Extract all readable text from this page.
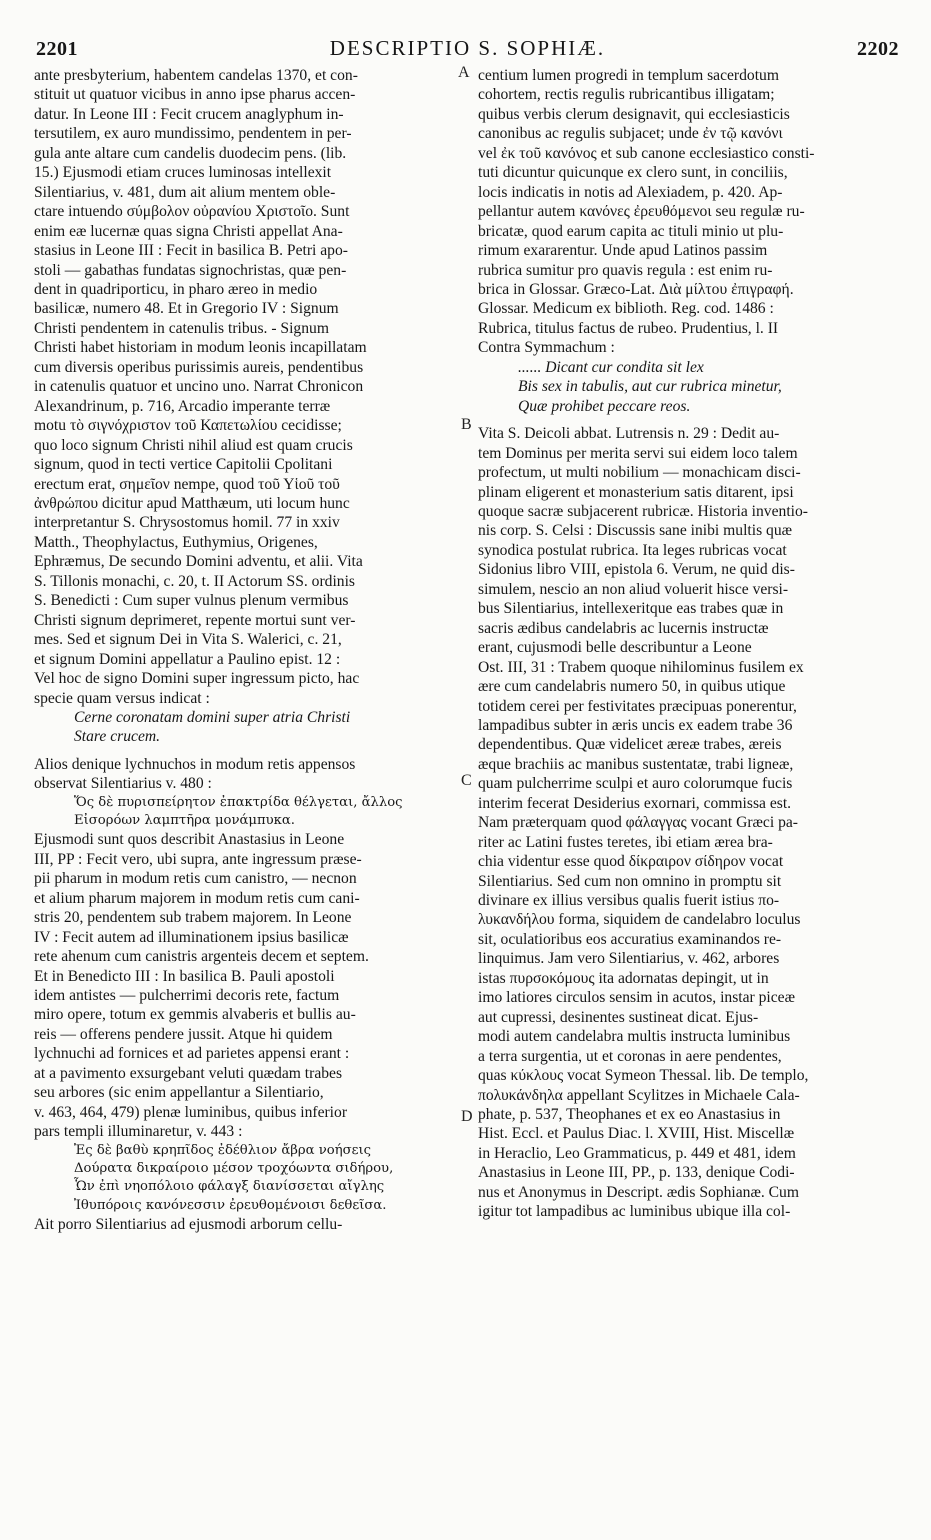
2201	DESCRIPTIO S. SOPHIÆ.	2202

ante presbyterium, habentem candelas 1370, et con-

stituit ut quatuor vicibus in anno ipse pharus accen-

datur. In Leone III : Fecit crucem anaglyphum in-

tersutilem, ex auro mundissimo, pendentem in per-

gula ante altare cum candelis duodecim pens. (lib.

15.) Ejusmodi etiam cruces luminosas intellexit

Silentiarius, v. 481, dum ait alium mentem oble-

ctare intuendo σύμβολον οὐρανίου Χριστοῖο. Sunt

enim eæ lucernæ quas signa Christi appellat Ana-

stasius in Leone III : Fecit in basilica B. Petri apo-

stoli — gabathas fundatas signochristas, quæ pen-

dent in quadriporticu, in pharo æreo in medio

basilicæ, numero 48. Et in Gregorio IV : Signum

Christi pendentem in catenulis tribus. - Signum

Christi habet historiam in modum leonis incapillatam

cum diversis operibus purissimis aureis, pendentibus

in catenulis quatuor et uncino uno. Narrat Chronicon

Alexandrinum, p. 716, Arcadio imperante terræ

motu τὸ σιγνόχριστον τοῦ Καπετωλίου cecidisse;

quo loco signum Christi nihil aliud est quam crucis

signum, quod in tecti vertice Capitolii Cpolitani

erectum erat, σημεῖον nempe, quod τοῦ Υἱοῦ τοῦ

ἀνθρώπου dicitur apud Matthæum, uti locum hunc

interpretantur S. Chrysostomus homil. 77 in xxiv

Matth., Theophylactus, Euthymius, Origenes,

Ephræmus, De secundo Domini adventu, et alii. Vita

S. Tillonis monachi, c. 20, t. II Actorum SS. ordinis

S. Benedicti : Cum super vulnus plenum vermibus

Christi signum deprimeret, repente mortui sunt ver-

mes. Sed et signum Dei in Vita S. Walerici, c. 21,

et signum Domini appellatur a Paulino epist. 12 :

Vel hoc de signo Domini super ingressum picto, hac

specie quam versus indicat :

Cerne coronatam domini super atria Christi

Stare crucem.

Alios denique lychnuchos in modum retis appensos

observat Silentiarius v. 480 :

Ὅς δὲ πυρισπείρητον ἐπακτρίδα θέλγεται, ἄλλος

Εἰσορόων λαμπτῆρα μονάμπυκα.

Ejusmodi sunt quos describit Anastasius in Leone

III, PP : Fecit vero, ubi supra, ante ingressum præsе-

pii pharum in modum retis cum canistro, — necnon

et alium pharum majorem in modum retis cum cani-

stris 20, pendentem sub trabem majorem. In Leone

IV : Fecit autem ad illuminationem ipsius basilicæ

rete ahenum cum canistris argenteis decem et septem.

Et in Benedicto III : In basilica B. Pauli apostoli

idem antistes — pulcherrimi decoris rete, factum

miro opere, totum ex gemmis alvaberis et bullis au-

reis — offerens pendere jussit. Atque hi quidem

lychnuchi ad fornices et ad parietes appensi erant :

at a pavimento exsurgebant veluti quædam trabes

seu arbores (sic enim appellantur a Silentiario,

v. 463, 464, 479) plenæ luminibus, quibus inferior

pars templi illuminaretur, v. 443 :

Ἐς δὲ βαθὺ κρηπῖδος ἐδέθλιον ἄβρα νοήσεις

Δούρατα δικραίροιο μέσον τροχόωντα σιδήρου,

Ὧν ἐπὶ νηοπόλοιο φάλαγξ διανίσσεται αἴγλης

Ἰθυπόροις κανόνεσσιν ἐρευθομένοισι δεθεῖσα.

Ait porro Silentiarius ad ejusmodi arborum cellu-

centium lumen progredi in templum sacerdotum

cohortem, rectis regulis rubricantibus illigatam;

quibus verbis clerum designavit, qui ecclesiasticis

canonibus ac regulis subjacet; unde ἐν τῷ κανόνι

vel ἐκ τοῦ κανόνος et sub canone ecclesiastico consti-

tuti dicuntur quicunque ex clero sunt, in conciliis,

locis indicatis in notis ad Alexiadem, p. 420. Ap-

pellantur autem κανόνες ἐρευθόμενοι seu regulæ ru-

bricatæ, quod earum capita ac tituli minio ut plu-

rimum exararentur. Unde apud Latinos passim

rubrica sumitur pro quavis regula : est enim ru-

brica in Glossar. Græco-Lat. Διὰ μίλτου ἐπιγραφή.

Glossar. Medicum ex biblioth. Reg. cod. 1486 :

Rubrica, titulus factus de rubeo. Prudentius, l. II

Contra Symmachum :

...... Dicant cur condita sit lex

Bis sex in tabulis, aut cur rubrica minetur,

Quæ prohibet peccare reos.

Vita S. Deicoli abbat. Lutrensis n. 29 : Dedit au-

tem Dominus per merita servi sui eidem loco talem

profectum, ut multi nobilium — monachicam disci-

plinam eligerent et monasterium satis ditarent, ipsi

quoque sacræ subjacerent rubricæ. Historia inventio-

nis corp. S. Celsi : Discussis sane inibi multis quæ

synodica postulat rubrica. Ita leges rubricas vocat

Sidonius libro VIII, epistola 6. Verum, ne quid dis-

simulem, nescio an non aliud voluerit hisce versi-

bus Silentiarius, intellexeritque eas trabes quæ in

sacris ædibus candelabris ac lucernis instructæ

erant, cujusmodi belle describuntur a Leone

Ost. III, 31 : Trabem quoque nihilominus fusilem ex

ære cum candelabris numero 50, in quibus utique

totidem cerei per festivitates præcipuas ponerentur,

lampadibus subter in æris uncis ex eadem trabe 36

dependentibus. Quæ videlicet æreæ trabes, æreis

æque brachiis ac manibus sustentatæ, trabi ligneæ,

quam pulcherrime sculpi et auro colorumque fucis

interim fecerat Desiderius exornari, commissa est.

Nam præterquam quod φάλαγγας vocant Græci pa-

riter ac Latini fustes teretes, ibi etiam ærea bra-

chia videntur esse quod δίκραιρον σίδηρον vocat

Silentiarius. Sed cum non omnino in promptu sit

divinare ex illius versibus qualis fuerit istius πο-

λυκανδήλου forma, siquidem de candelabro loculus

sit, oculatioribus eos accuratius examinandos re-

linquimus. Jam vero Silentiarius, v. 462, arbores

istas πυρσοκόμους ita adornatas depingit, ut in

imo latiores circulos sensim in acutos, instar piceæ

aut cupressi, desinentes sustineat dicat. Ejus-

modi autem candelabra multis instructa luminibus

a terra surgentia, ut et coronas in aere pendentes,

quas κύκλους vocat Symeon Thessal. lib. De templo,

πολυκάνδηλα appellant Scylitzes in Michaele Cala-

phate, p. 537, Theophanes et ex eo Anastasius in

Hist. Eccl. et Paulus Diac. l. XVIII, Hist. Miscellæ

in Heraclio, Leo Grammaticus, p. 449 et 481, idem

Anastasius in Leone III, PP., p. 133, denique Codi-

nus et Anonymus in Descript. ædis Sophianæ. Cum

igitur tot lampadibus ac luminibus ubique illa col-

A
B
C
D
